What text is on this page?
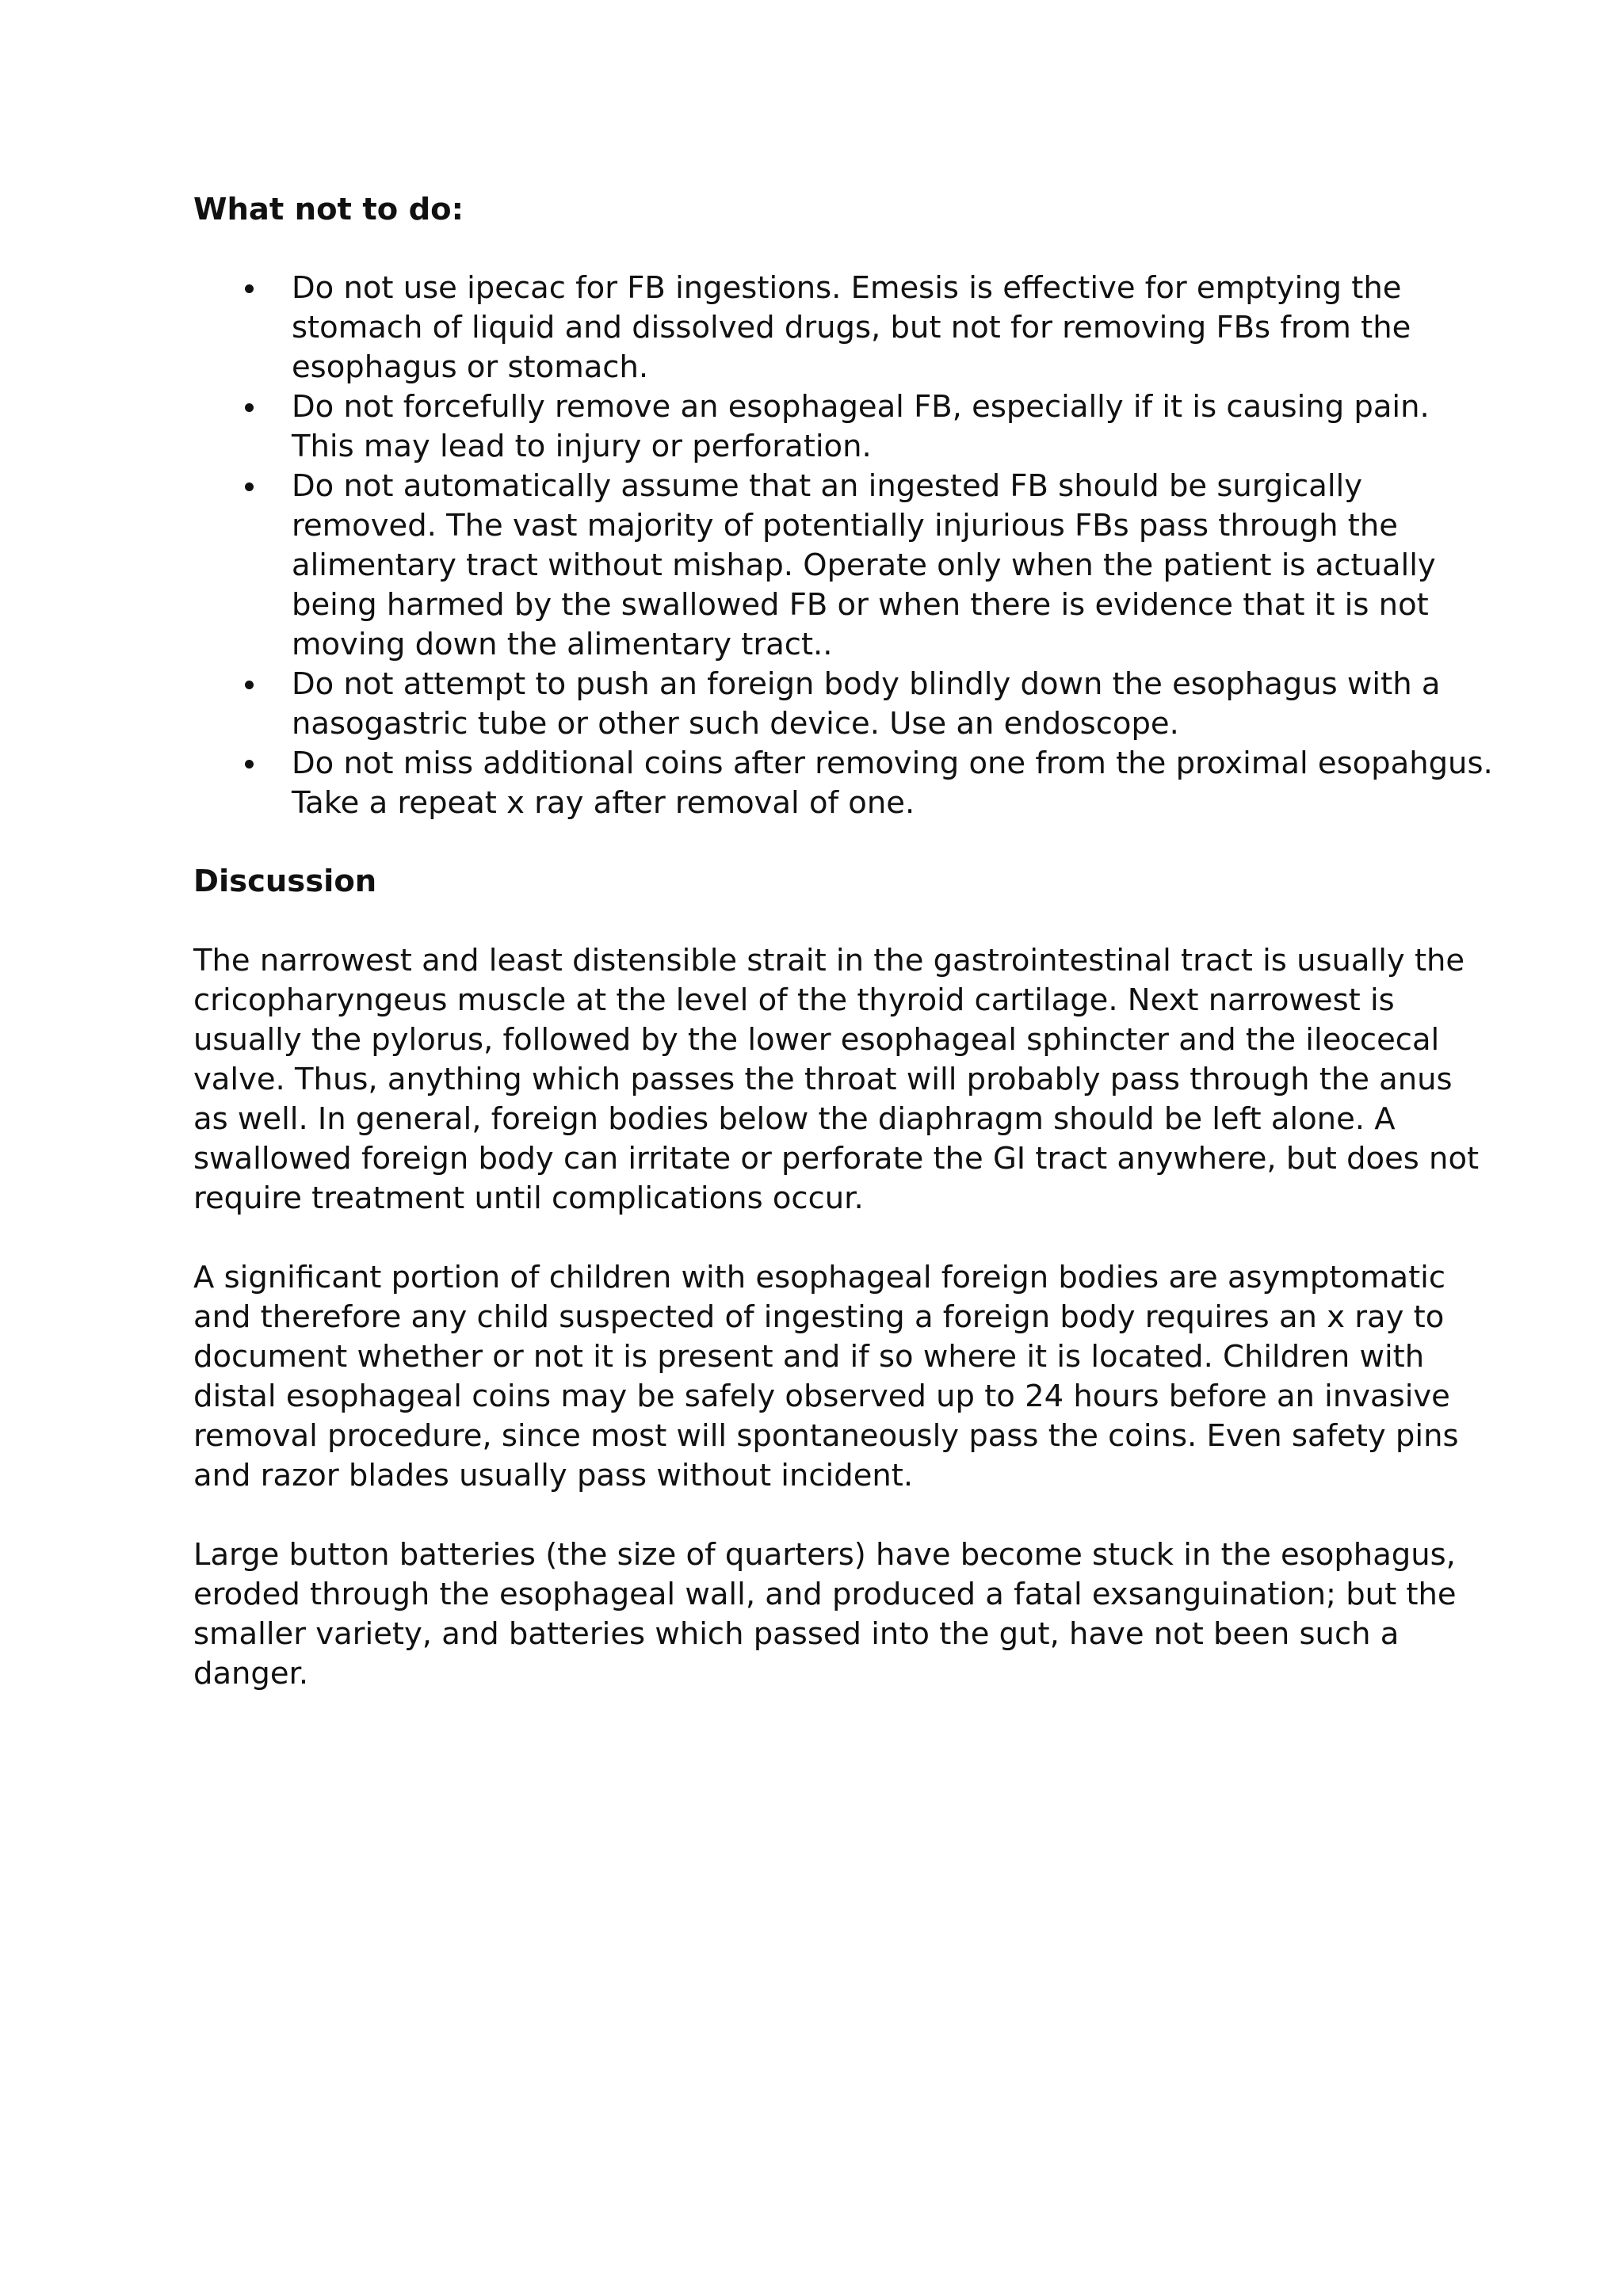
What not to do:
Do not use ipecac for FB ingestions. Emesis is effective for emptying the stomach of liquid and dissolved drugs, but not for removing FBs from the esophagus or stomach.
Do not forcefully remove an esophageal FB, especially if it is causing pain. This may lead to injury or perforation.
Do not automatically assume that an ingested FB should be surgically removed. The vast majority of potentially injurious FBs pass through the alimentary tract without mishap. Operate only when the patient is actually being harmed by the swallowed FB or when there is evidence that it is not moving down the alimentary tract..
Do not attempt to push an foreign body blindly down the esophagus with a nasogastric tube or other such device. Use an endoscope.
Do not miss additional coins after removing one from the proximal esopahgus. Take a repeat x ray after removal of one.
Discussion

The narrowest and least distensible strait in the gastrointestinal tract is usually the cricopharyngeus muscle at the level of the thyroid cartilage. Next narrowest is usually the pylorus, followed by the lower esophageal sphincter and the ileocecal valve. Thus, anything which passes the throat will probably pass through the anus as well. In general, foreign bodies below the diaphragm should be left alone. A swallowed foreign body can irritate or perforate the GI tract anywhere, but does not require treatment until complications occur.

A significant portion of children with esophageal foreign bodies are asymptomatic and therefore any child suspected of ingesting a foreign body requires an x ray to document whether or not it is present and if so where it is located. Children with distal esophageal coins may be safely observed up to 24 hours before an invasive removal procedure, since most will spontaneously pass the coins. Even safety pins and razor blades usually pass without incident.

Large button batteries (the size of quarters) have become stuck in the esophagus, eroded through the esophageal wall, and produced a fatal exsanguination; but the smaller variety, and batteries which passed into the gut, have not been such a danger.
